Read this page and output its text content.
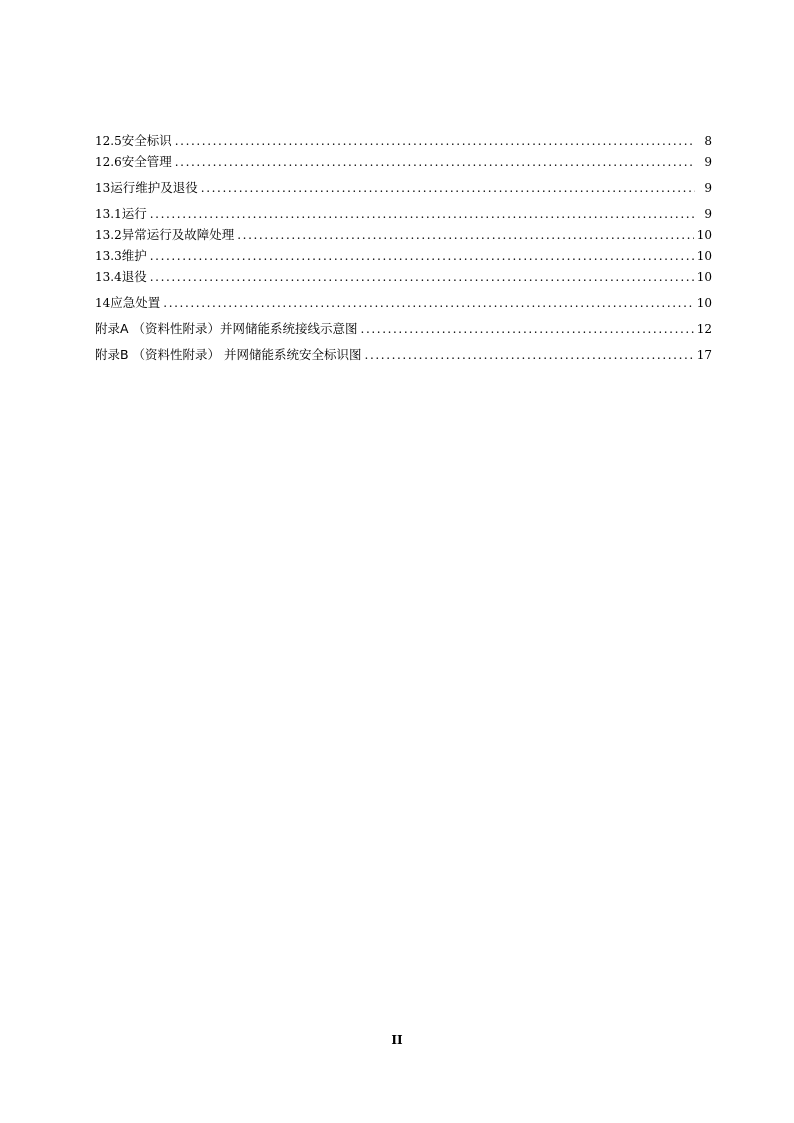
12.5 安全标识 .....	8
12.6 安全管理 .....	9
13 运行维护及退役 .....	9
13.1 运行 .....	9
13.2 异常运行及故障处理 .....	10
13.3 维护 .....	10
13.4 退役 .....	10
14 应急处置 .....	10
附录A （资料性附录）并网储能系统接线示意图 .....	12
附录B （资料性附录） 并网储能系统安全标识图 .....	17
II
